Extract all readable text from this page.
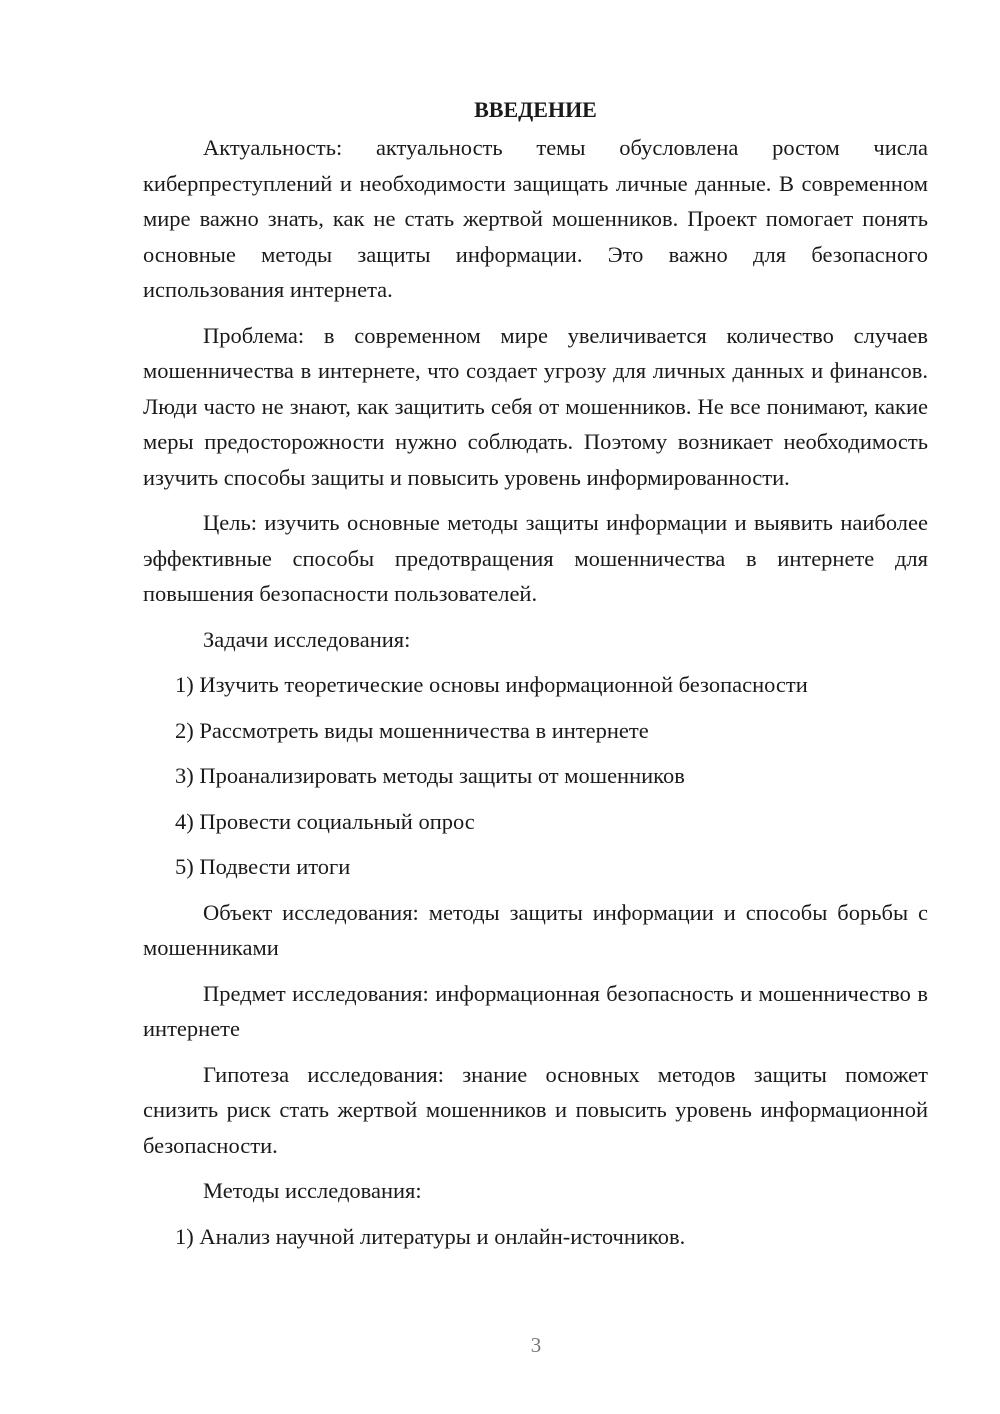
ВВЕДЕНИЕ

Актуальность: актуальность темы обусловлена ростом числа киберпреступлений и необходимости защищать личные данные. В современном мире важно знать, как не стать жертвой мошенников. Проект помогает понять основные методы защиты информации. Это важно для безопасного использования интернета.

Проблема: в современном мире увеличивается количество случаев мошенничества в интернете, что создает угрозу для личных данных и финансов. Люди часто не знают, как защитить себя от мошенников. Не все понимают, какие меры предосторожности нужно соблюдать. Поэтому возникает необходимость изучить способы защиты и повысить уровень информированности.

Цель: изучить основные методы защиты информации и выявить наиболее эффективные способы предотвращения мошенничества в интернете для повышения безопасности пользователей.

Задачи исследования:

1) Изучить теоретические основы информационной безопасности

2) Рассмотреть виды мошенничества в интернете

3) Проанализировать методы защиты от мошенников

4) Провести социальный опрос

5) Подвести итоги

Объект исследования: методы защиты информации и способы борьбы с мошенниками

Предмет исследования: информационная безопасность и мошенничество в интернете

Гипотеза исследования: знание основных методов защиты поможет снизить риск стать жертвой мошенников и повысить уровень информационной безопасности.

Методы исследования:

1) Анализ научной литературы и онлайн-источников.

3
